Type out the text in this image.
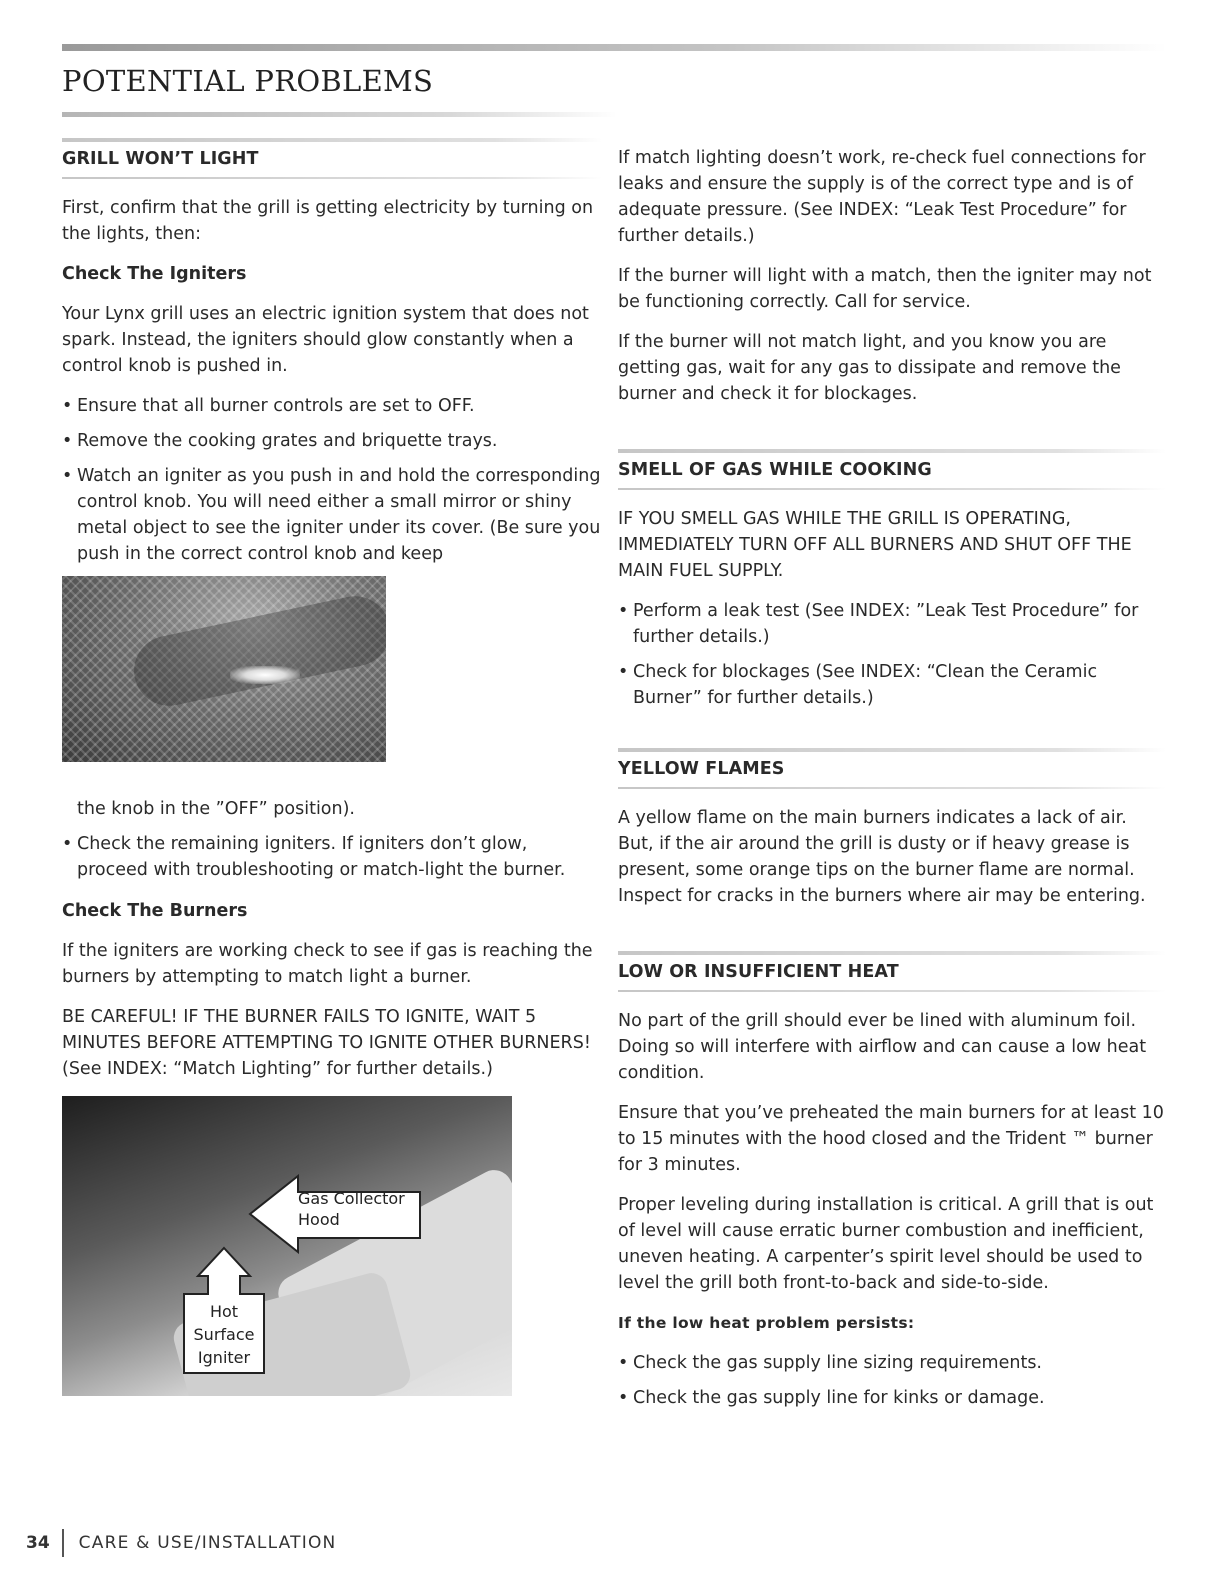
POTENTIAL PROBLEMS
GRILL WON’T LIGHT

First, confirm that the grill is getting electricity by turning on the lights, then:

Check The Igniters

Your Lynx grill uses an electric ignition system that does not spark. Instead, the igniters should glow constantly when a control knob is pushed in.

• Ensure that all burner controls are set to OFF.
• Remove the cooking grates and briquette trays.
• Watch an igniter as you push in and hold the corresponding control knob. You will need either a small mirror or shiny metal object to see the igniter under its cover. (Be sure you push in the correct control knob and keep
the knob in the ”OFF” position).
• Check the remaining igniters. If igniters don’t glow, proceed with troubleshooting or match-light the burner.
Check The Burners

If the igniters are working check to see if gas is reaching the burners by attempting to match light a burner.

BE CAREFUL! IF THE BURNER FAILS TO IGNITE, WAIT 5 MINUTES BEFORE ATTEMPTING TO IGNITE OTHER BURNERS! (See INDEX: “Match Lighting” for further details.)

Gas Collector Hood
Hot Surface Igniter

If match lighting doesn’t work, re-check fuel connections for leaks and ensure the supply is of the correct type and is of adequate pressure. (See INDEX: “Leak Test Procedure” for further details.)

If the burner will light with a match, then the igniter may not be functioning correctly. Call for service.

If the burner will not match light, and you know you are getting gas, wait for any gas to dissipate and remove the burner and check it for blockages.

SMELL OF GAS WHILE COOKING

IF YOU SMELL GAS WHILE THE GRILL IS OPERATING, IMMEDIATELY TURN OFF ALL BURNERS AND SHUT OFF THE MAIN FUEL SUPPLY.

• Perform a leak test (See INDEX: ”Leak Test Procedure” for further details.)
• Check for blockages (See INDEX: “Clean the Ceramic Burner” for further details.)
YELLOW FLAMES

A yellow flame on the main burners indicates a lack of air. But, if the air around the grill is dusty or if heavy grease is present, some orange tips on the burner flame are normal. Inspect for cracks in the burners where air may be entering.

LOW OR INSUFFICIENT HEAT

No part of the grill should ever be lined with aluminum foil. Doing so will interfere with airflow and can cause a low heat condition.

Ensure that you’ve preheated the main burners for at least 10 to 15 minutes with the hood closed and the Trident ™ burner for 3 minutes.

Proper leveling during installation is critical. A grill that is out of level will cause erratic burner combustion and inefficient, uneven heating. A carpenter’s spirit level should be used to level the grill both front-to-back and side-to-side.

If the low heat problem persists:
• Check the gas supply line sizing requirements.
• Check the gas supply line for kinks or damage.
34 CARE & USE/INSTALLATION
